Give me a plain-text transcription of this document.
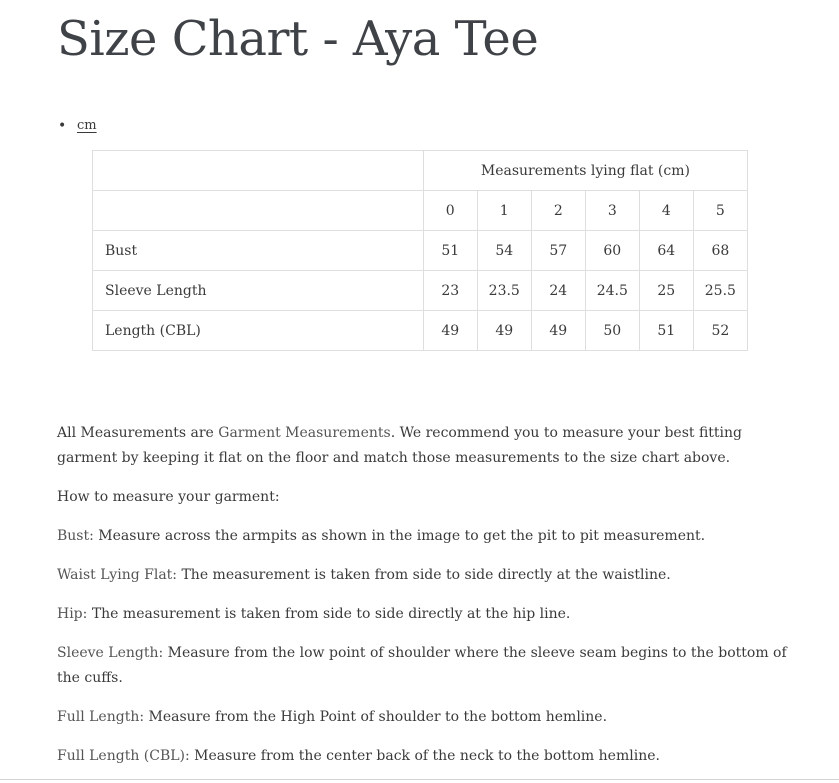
Size Chart - Aya Tee
• cm
	Measurements lying flat (cm)					
	0	1	2	3	4	5
Bust	51	54	57	60	64	68
Sleeve Length	23	23.5	24	24.5	25	25.5
Length (CBL)	49	49	49	50	51	52

All Measurements are Garment Measurements. We recommend you to measure your best fitting garment by keeping it flat on the floor and match those measurements to the size chart above.

How to measure your garment:

Bust: Measure across the armpits as shown in the image to get the pit to pit measurement.

Waist Lying Flat: The measurement is taken from side to side directly at the waistline.

Hip: The measurement is taken from side to side directly at the hip line.

Sleeve Length: Measure from the low point of shoulder where the sleeve seam begins to the bottom of the cuffs.

Full Length: Measure from the High Point of shoulder to the bottom hemline.

Full Length (CBL): Measure from the center back of the neck to the bottom hemline.
